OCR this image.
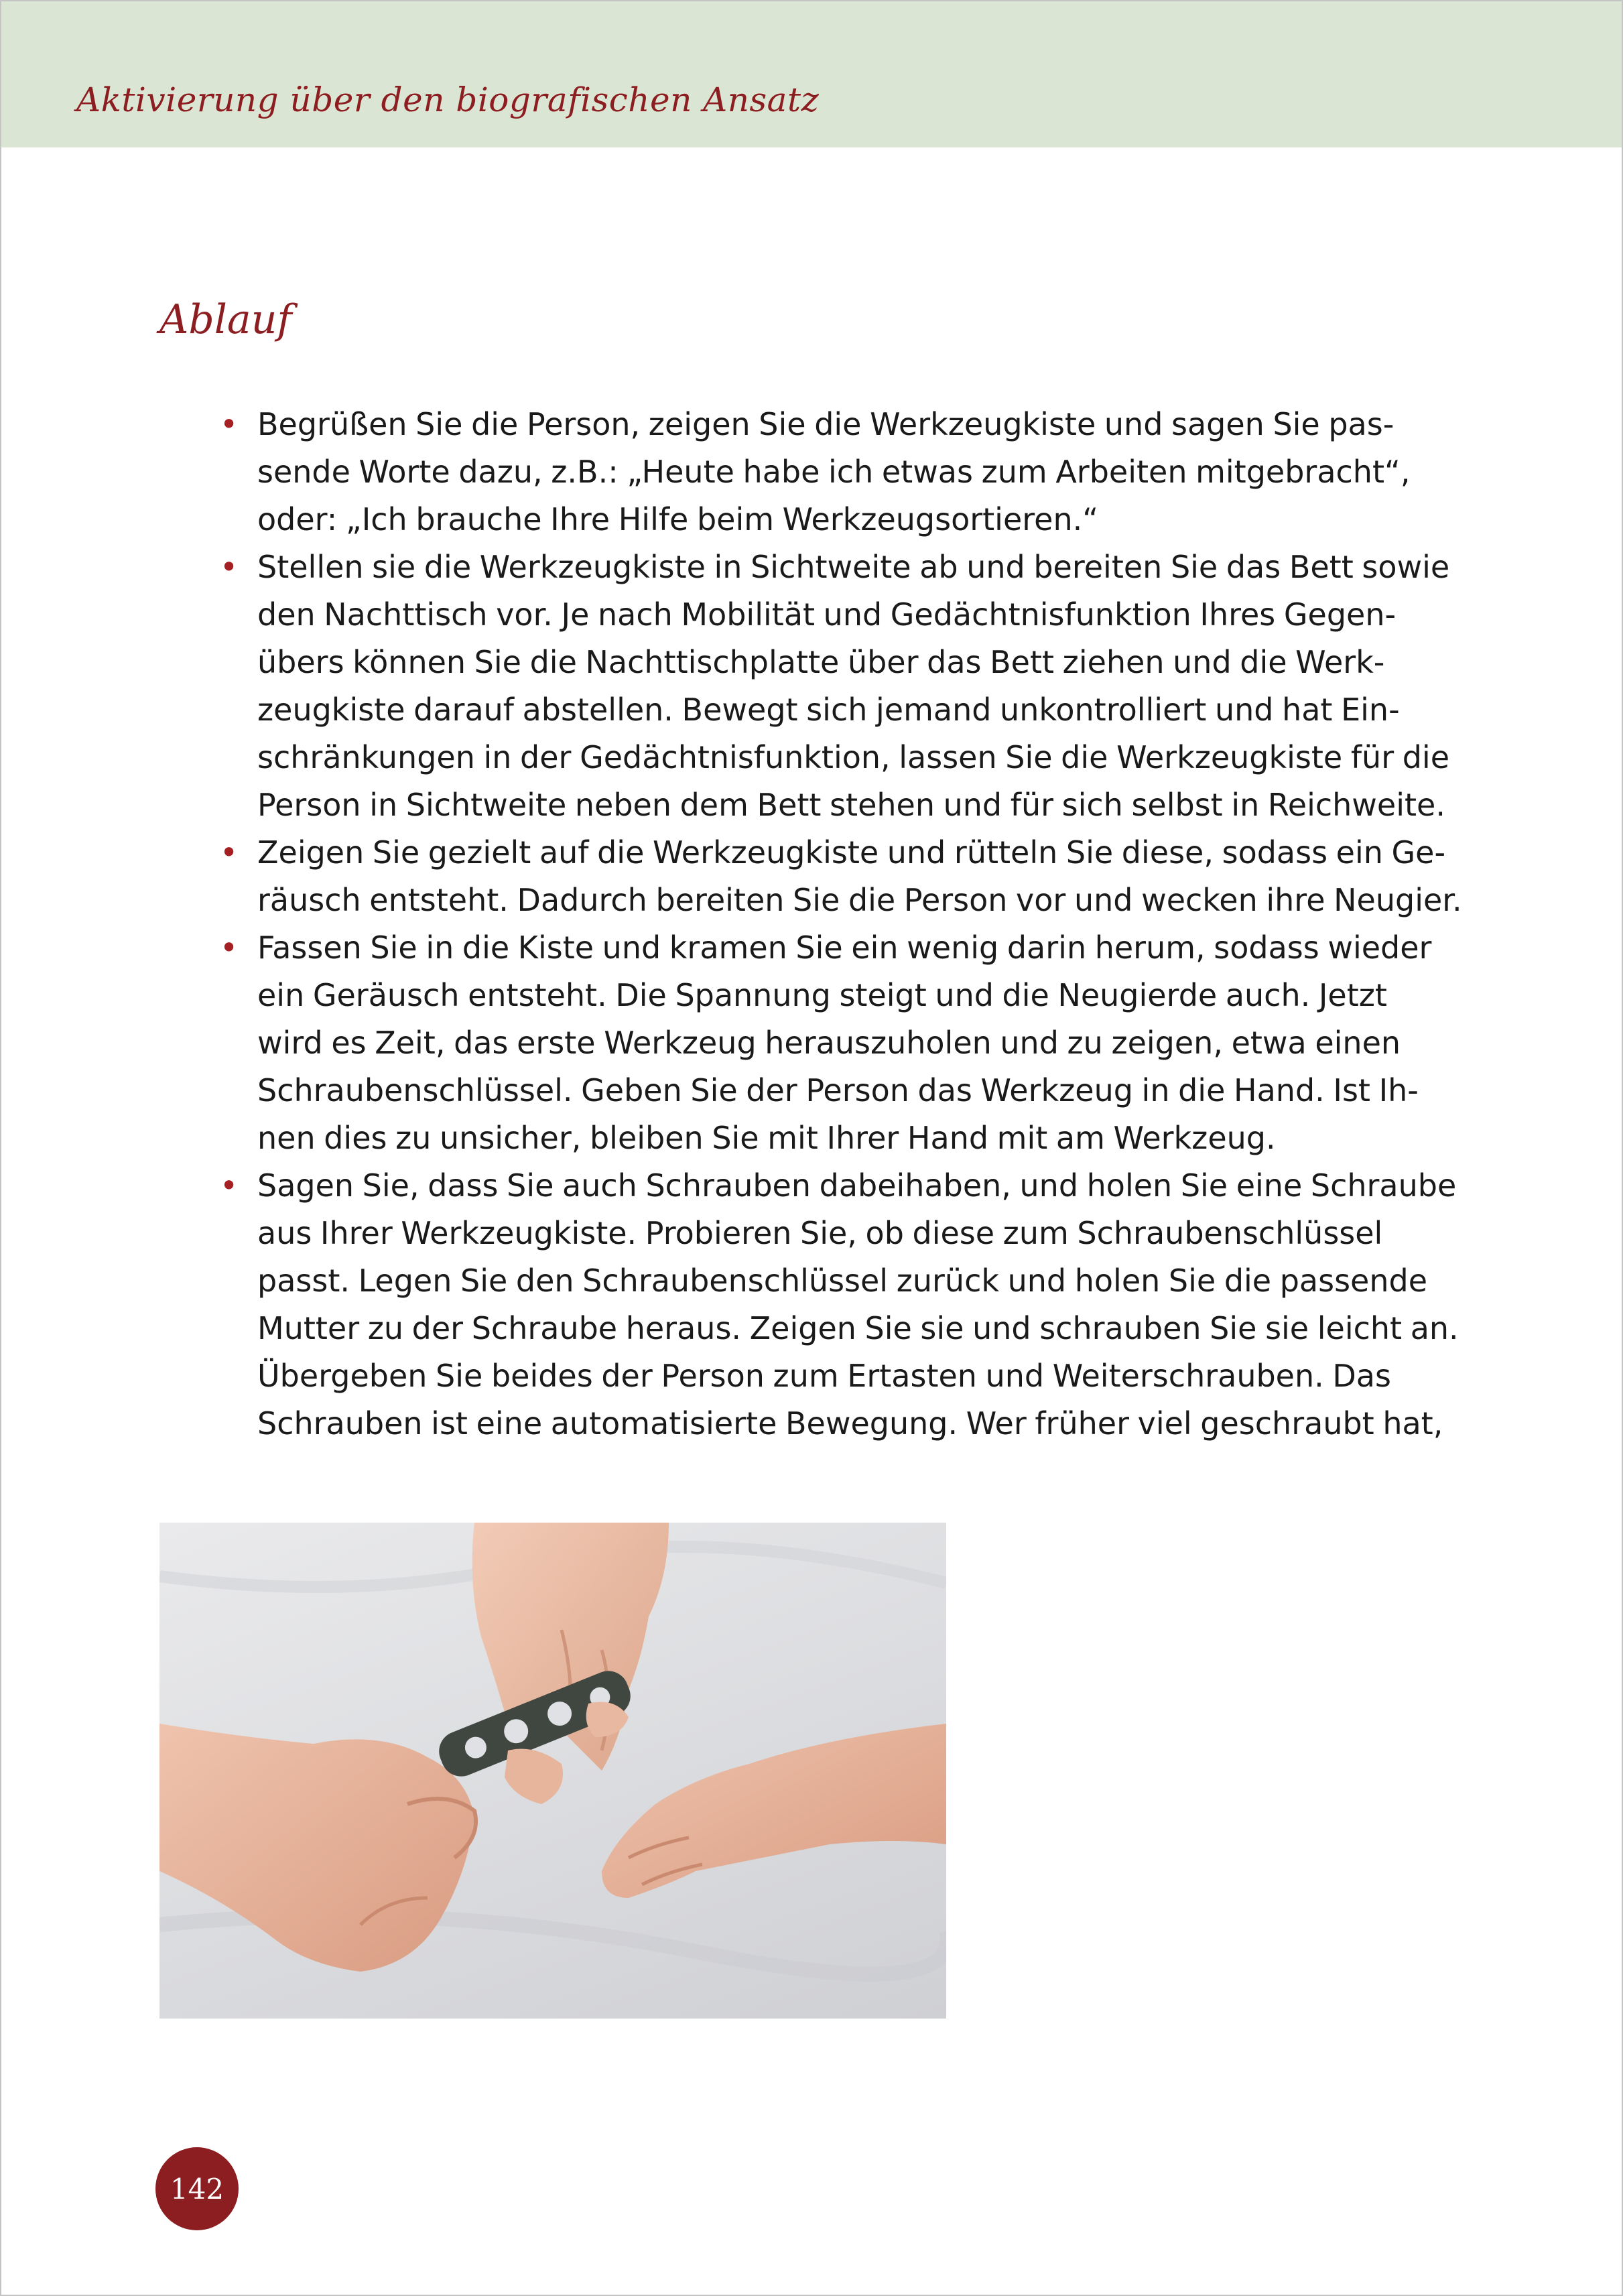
Aktivierung über den biografischen Ansatz
Ablauf
• Begrüßen Sie die Person, zeigen Sie die Werkzeugkiste und sagen Sie pas-
sende Worte dazu, z.B.: „Heute habe ich etwas zum Arbeiten mitgebracht“,
oder: „Ich brauche Ihre Hilfe beim Werkzeugsortieren.“
• Stellen sie die Werkzeugkiste in Sichtweite ab und bereiten Sie das Bett sowie
den Nachttisch vor. Je nach Mobilität und Gedächtnisfunktion Ihres Gegen-
übers können Sie die Nachttischplatte über das Bett ziehen und die Werk-
zeugkiste darauf abstellen. Bewegt sich jemand unkontrolliert und hat Ein-
schränkungen in der Gedächtnisfunktion, lassen Sie die Werkzeugkiste für die
Person in Sichtweite neben dem Bett stehen und für sich selbst in Reichweite.
• Zeigen Sie gezielt auf die Werkzeugkiste und rütteln Sie diese, sodass ein Ge-
räusch entsteht. Dadurch bereiten Sie die Person vor und wecken ihre Neugier.
• Fassen Sie in die Kiste und kramen Sie ein wenig darin herum, sodass wieder
ein Geräusch entsteht. Die Spannung steigt und die Neugierde auch. Jetzt
wird es Zeit, das erste Werkzeug herauszuholen und zu zeigen, etwa einen
Schraubenschlüssel. Geben Sie der Person das Werkzeug in die Hand. Ist Ih-
nen dies zu unsicher, bleiben Sie mit Ihrer Hand mit am Werkzeug.
• Sagen Sie, dass Sie auch Schrauben dabeihaben, und holen Sie eine Schraube
aus Ihrer Werkzeugkiste. Probieren Sie, ob diese zum Schraubenschlüssel
passt. Legen Sie den Schraubenschlüssel zurück und holen Sie die passende
Mutter zu der Schraube heraus. Zeigen Sie sie und schrauben Sie sie leicht an.
Übergeben Sie beides der Person zum Ertasten und Weiterschrauben. Das
Schrauben ist eine automatisierte Bewegung. Wer früher viel geschraubt hat,
142
